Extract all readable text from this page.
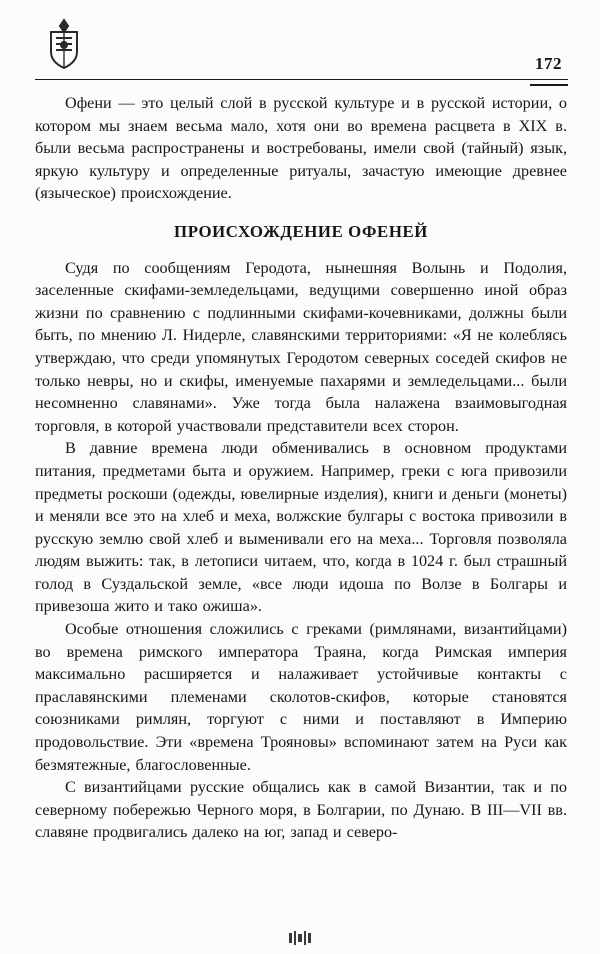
172

Офени — это целый слой в русской культуре и в русской истории, о котором мы знаем весьма мало, хотя они во времена расцвета в XIX в. были весьма распространены и востребованы, имели свой (тайный) язык, яркую культуру и определенные ритуалы, зачастую имеющие древнее (языческое) происхождение.

ПРОИСХОЖДЕНИЕ ОФЕНЕЙ

Судя по сообщениям Геродота, нынешняя Волынь и Подолия, заселенные скифами-земледельцами, ведущими совершенно иной образ жизни по сравнению с подлинными скифами-кочевниками, должны были быть, по мнению Л. Нидерле, славянскими территориями: «Я не колеблясь утверждаю, что среди упомянутых Геродотом северных соседей скифов не только невры, но и скифы, именуемые пахарями и земледельцами... были несомненно славянами». Уже тогда была налажена взаимовыгодная торговля, в которой участвовали представители всех сторон.

В давние времена люди обменивались в основном продуктами питания, предметами быта и оружием. Например, греки с юга привозили предметы роскоши (одежды, ювелирные изделия), книги и деньги (монеты) и меняли все это на хлеб и меха, волжские булгары с востока привозили в русскую землю свой хлеб и выменивали его на меха... Торговля позволяла людям выжить: так, в летописи читаем, что, когда в 1024 г. был страшный голод в Суздальской земле, «все люди идоша по Волзе в Болгары и привезоша жито и тако ожиша».

Особые отношения сложились с греками (римлянами, византийцами) во времена римского императора Траяна, когда Римская империя максимально расширяется и налаживает устойчивые контакты с праславянскими племенами сколотов-скифов, которые становятся союзниками римлян, торгуют с ними и поставляют в Империю продовольствие. Эти «времена Трояновы» вспоминают затем на Руси как безмятежные, благословенные.

С византийцами русские общались как в самой Византии, так и по северному побережью Черного моря, в Болгарии, по Дунаю. В III—VII вв. славяне продвигались далеко на юг, запад и северо-
